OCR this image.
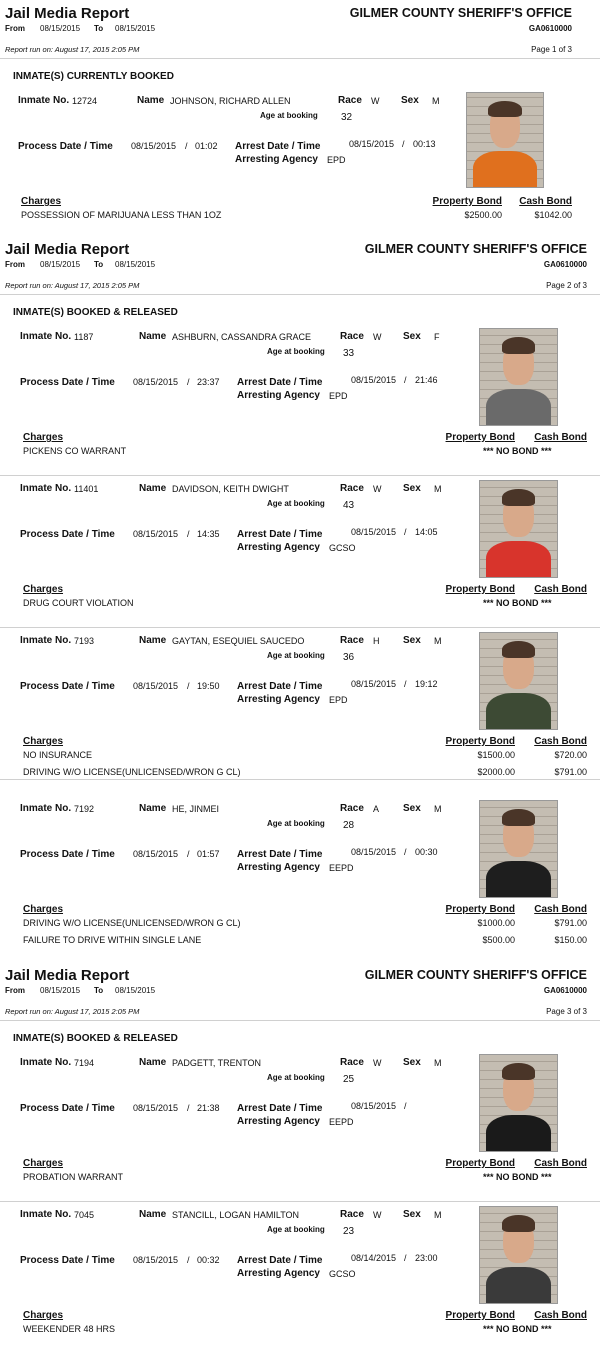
Jail Media Report	GILMER COUNTY SHERIFF'S OFFICE
From 08/15/2015 To 08/15/2015	GA0610000
Report run on: August 17, 2015 2:05 PM	Page 1 of 3
INMATE(S) CURRENTLY BOOKED
Jail Media Report	GILMER COUNTY SHERIFF'S OFFICE
From 08/15/2015 To 08/15/2015	GA0610000
Report run on: August 17, 2015 2:05 PM	Page 2 of 3
INMATE(S) BOOKED & RELEASED
Jail Media Report	GILMER COUNTY SHERIFF'S OFFICE
From 08/15/2015 To 08/15/2015	GA0610000
Report run on: August 17, 2015 2:05 PM	Page 3 of 3
INMATE(S) BOOKED & RELEASED
Inmate No. 12724	Name JOHNSON, RICHARD ALLEN	Race W Sex M
Age at booking 32
Process Date / Time 08/15/2015 / 01:02 Arrest Date / Time	08/15/2015 / 00:13
Arresting Agency EPD
Charges	Property Bond Cash Bond
POSSESSION OF MARIJUANA LESS THAN 1OZ	$2500.00	$1042.00
Inmate No. 1187	Name ASHBURN, CASSANDRA GRACE	Race W Sex F
Age at booking 33
Process Date / Time 08/15/2015 / 23:37 Arrest Date / Time	08/15/2015 / 21:46
Arresting Agency EPD
Charges	Property Bond Cash Bond
PICKENS CO WARRANT	*** NO BOND ***
Inmate No. 11401	Name DAVIDSON, KEITH DWIGHT	Race W Sex M
Age at booking 43
Process Date / Time 08/15/2015 / 14:35 Arrest Date / Time	08/15/2015 / 14:05
Arresting Agency GCSO
Charges	Property Bond Cash Bond
DRUG COURT VIOLATION	*** NO BOND ***
Inmate No. 7193	Name GAYTAN, ESEQUIEL SAUCEDO	Race H Sex M
Age at booking 36
Process Date / Time 08/15/2015 / 19:50 Arrest Date / Time	08/15/2015 / 19:12
Arresting Agency EPD
Charges	Property Bond Cash Bond
NO INSURANCE	$1500.00	$720.00
DRIVING W/O LICENSE(UNLICENSED/WRON G CL)	$2000.00	$791.00
Inmate No. 7192	Name HE, JINMEI	Race A Sex M
Age at booking 28
Process Date / Time 08/15/2015 / 01:57 Arrest Date / Time	08/15/2015 / 00:30
Arresting Agency EEPD
Charges	Property Bond Cash Bond
DRIVING W/O LICENSE(UNLICENSED/WRON G CL)	$1000.00	$791.00
FAILURE TO DRIVE WITHIN SINGLE LANE	$500.00	$150.00
Inmate No. 7194	Name PADGETT, TRENTON	Race W Sex M
Age at booking 25
Process Date / Time 08/15/2015 / 21:38 Arrest Date / Time	08/15/2015 /
Arresting Agency EEPD
Charges	Property Bond Cash Bond
PROBATION WARRANT	*** NO BOND ***
Inmate No. 7045	Name STANCILL, LOGAN HAMILTON	Race W Sex M
Age at booking 23
Process Date / Time 08/15/2015 / 00:32 Arrest Date / Time	08/14/2015 / 23:00
Arresting Agency GCSO
Charges	Property Bond Cash Bond
WEEKENDER 48 HRS	*** NO BOND ***
